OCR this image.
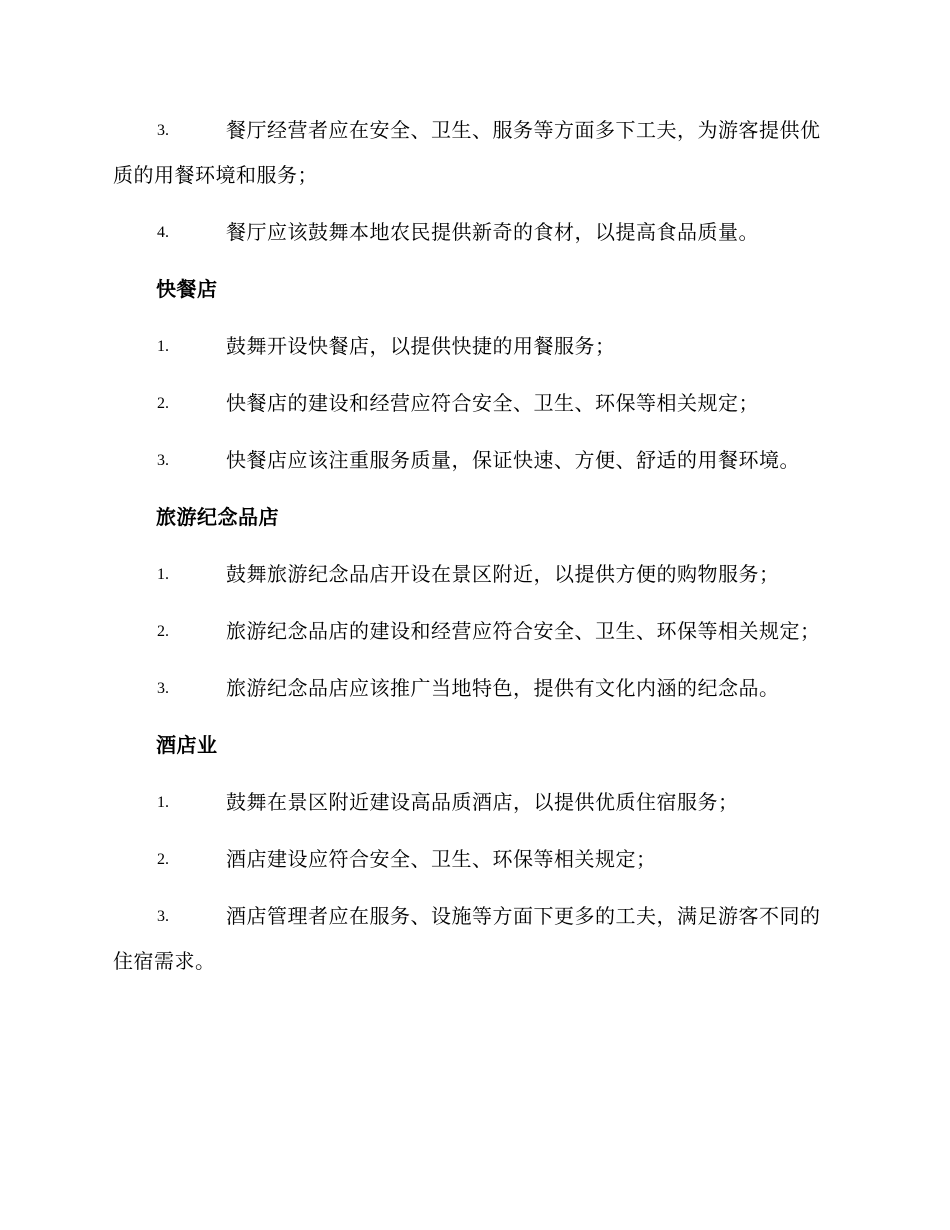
3.	餐厅经营者应在安全、卫生、服务等方面多下工夫，为游客提供优质的用餐环境和服务；
4.	餐厅应该鼓舞本地农民提供新奇的食材，以提高食品质量。
快餐店
1.	鼓舞开设快餐店，以提供快捷的用餐服务；
2.	快餐店的建设和经营应符合安全、卫生、环保等相关规定；
3.	快餐店应该注重服务质量，保证快速、方便、舒适的用餐环境。
旅游纪念品店
1.	鼓舞旅游纪念品店开设在景区附近，以提供方便的购物服务；
2.	旅游纪念品店的建设和经营应符合安全、卫生、环保等相关规定；
3.	旅游纪念品店应该推广当地特色，提供有文化内涵的纪念品。
酒店业
1.	鼓舞在景区附近建设高品质酒店，以提供优质住宿服务；
2.	酒店建设应符合安全、卫生、环保等相关规定；
3.	酒店管理者应在服务、设施等方面下更多的工夫，满足游客不同的住宿需求。
